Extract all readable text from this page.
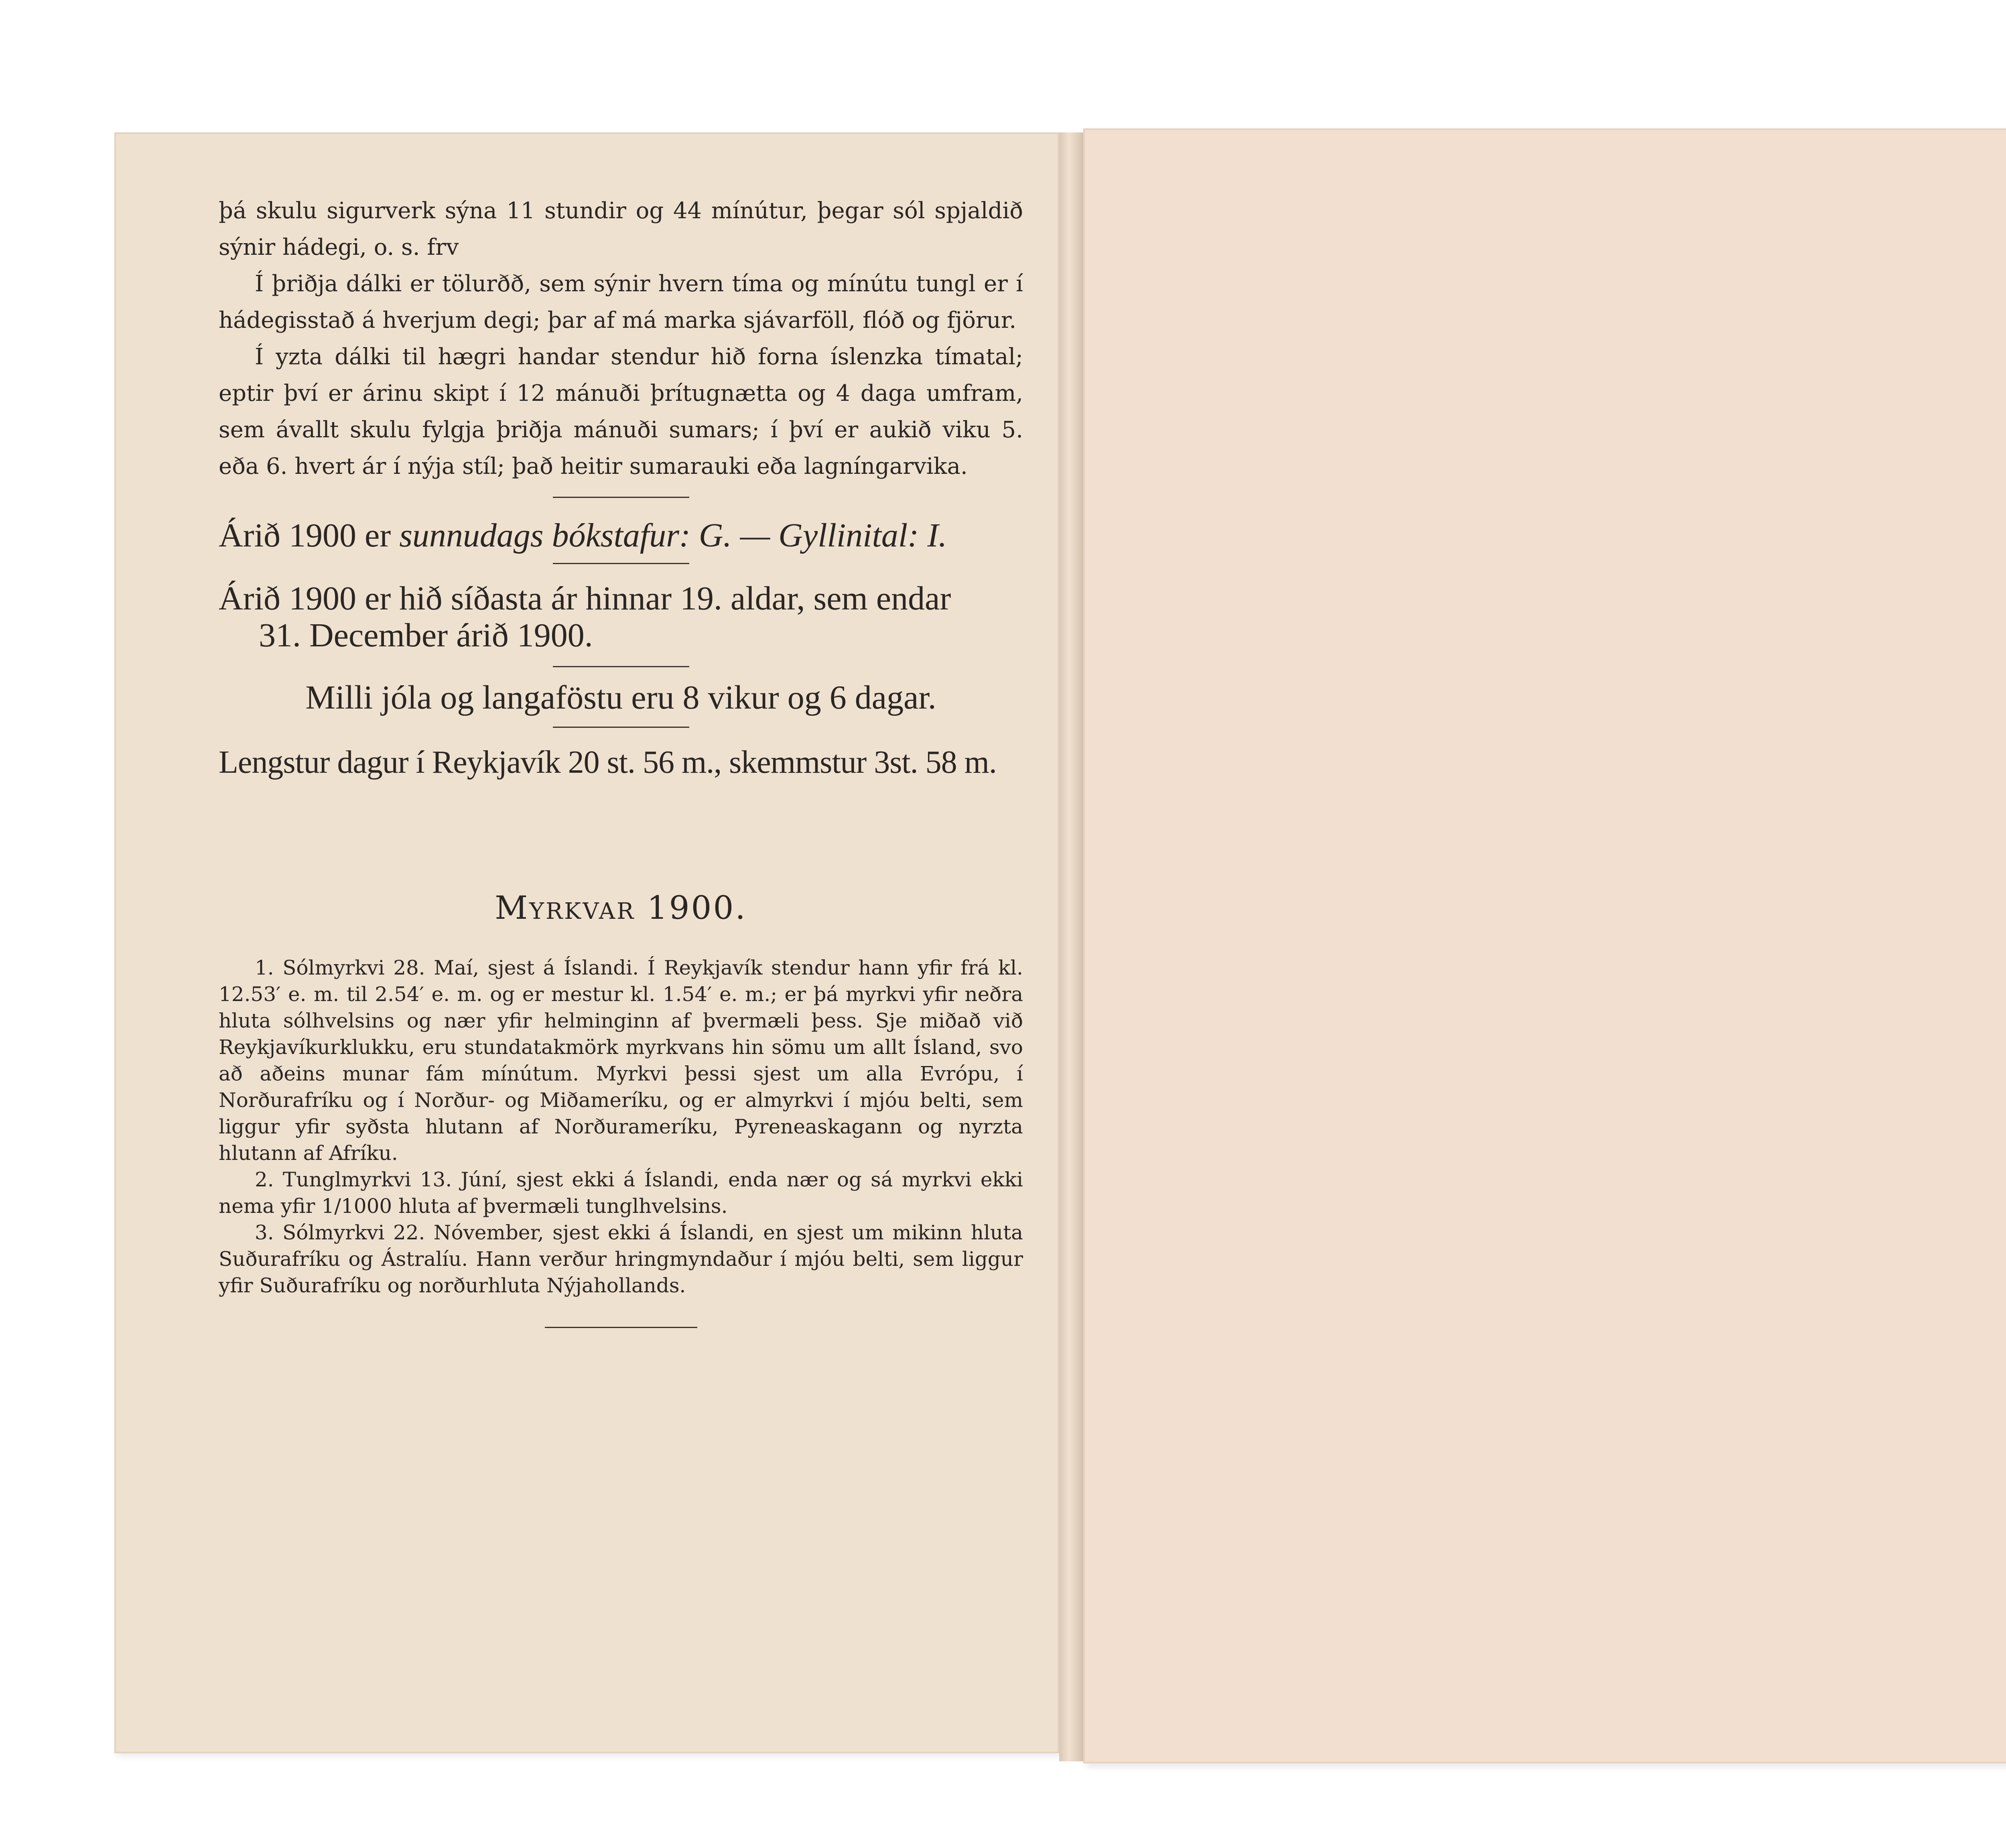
þá skulu sigurverk sýna 11 stundir og 44 mínútur, þegar sól spjaldið sýnir hádegi, o. s. frv

Í þriðja dálki er tölurðð, sem sýnir hvern tíma og mínútu tungl er í hádegisstað á hverjum degi; þar af má marka sjávarföll, flóð og fjörur.

Í yzta dálki til hægri handar stendur hið forna íslenzka tímatal; eptir því er árinu skipt í 12 mánuði þrítugnætta og 4 daga umfram, sem ávallt skulu fylgja þriðja mánuði sumars; í því er aukið viku 5. eða 6. hvert ár í nýja stíl; það heitir sumarauki eða lagníngarvika.

Árið 1900 er sunnudags bókstafur: G. — Gyllinital: I.

Árið 1900 er hið síðasta ár hinnar 19. aldar, sem endar
31. December árið 1900.

Milli jóla og langaföstu eru 8 vikur og 6 dagar.

Lengstur dagur í Reykjavík 20 st. 56 m., skemmstur 3st. 58 m.

Myrkvar 1900.

1. Sólmyrkvi 28. Maí, sjest á Íslandi. Í Reykjavík stendur hann yfir frá kl. 12.53′ e. m. til 2.54′ e. m. og er mestur kl. 1.54′ e. m.; er þá myrkvi yfir neðra hluta sólhvelsins og nær yfir helminginn af þvermæli þess. Sje miðað við Reykjavíkurklukku, eru stundatakmörk myrkvans hin sömu um allt Ísland, svo að aðeins munar fám mínútum. Myrkvi þessi sjest um alla Evrópu, í Norðurafríku og í Norður- og Miðameríku, og er almyrkvi í mjóu belti, sem liggur yfir syðsta hlutann af Norðurameríku, Pyreneaskagann og nyrzta hlutann af Afríku.

2. Tunglmyrkvi 13. Júní, sjest ekki á Íslandi, enda nær og sá myrkvi ekki nema yfir 1/1000 hluta af þvermæli tunglhvelsins.

3. Sólmyrkvi 22. Nóvember, sjest ekki á Íslandi, en sjest um mikinn hluta Suðurafríku og Ástralíu. Hann verður hringmyndaður í mjóu belti, sem liggur yfir Suðurafríku og norðurhluta Nýjahollands.
